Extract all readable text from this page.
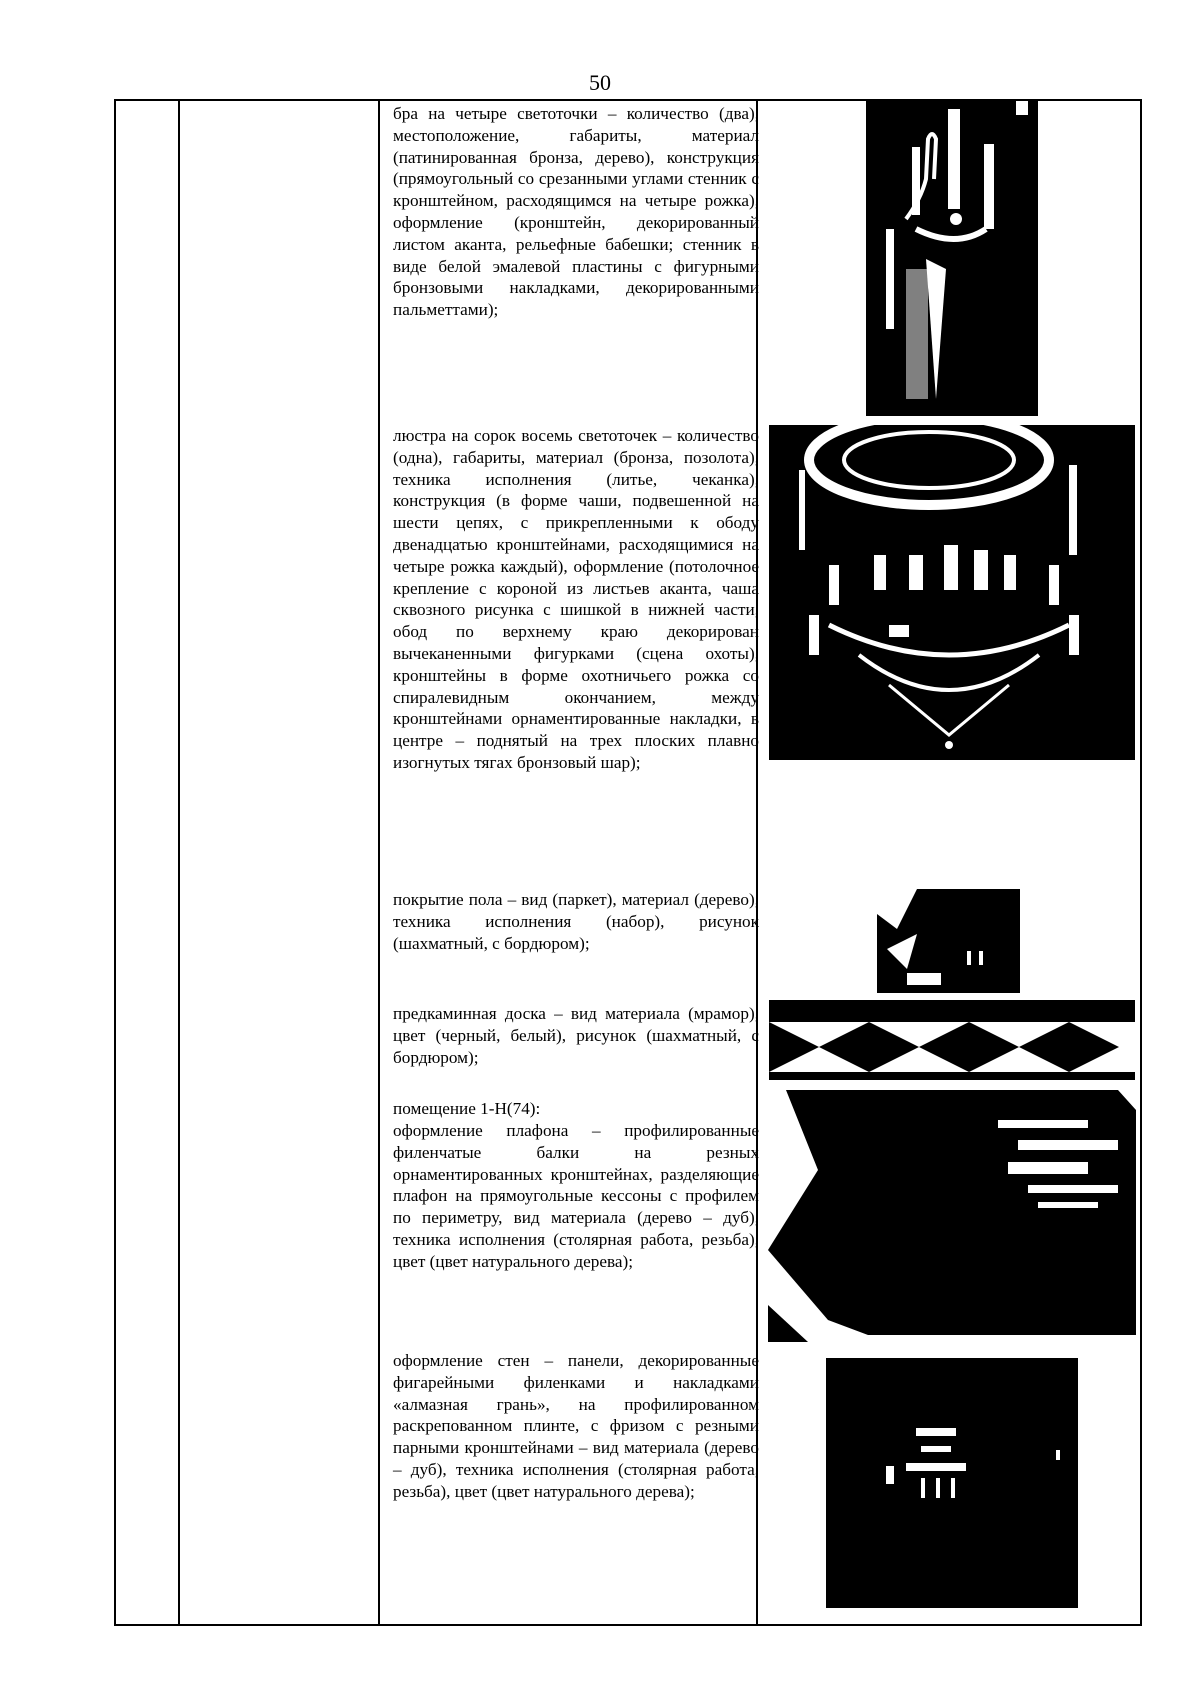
50
бра на четыре светоточки – количество (два), местоположение, габариты, материал (патинированная бронза, дерево), конструкция (прямоугольный со срезанными углами стенник с кронштейном, расходящимся на четыре рожка), оформление (кронштейн, декорированный листом аканта, рельефные бабешки; стенник в виде белой эмалевой пластины с фигурными бронзовыми накладками, декорированными пальметтами);
люстра на сорок восемь светоточек – количество (одна), габариты, материал (бронза, позолота), техника исполнения (литье, чеканка), конструкция (в форме чаши, подвешенной на шести цепях, с прикрепленными к ободу двенадцатью кронштейнами, расходящимися на четыре рожка каждый), оформление (потолочное крепление с короной из листьев аканта, чаша сквозного рисунка с шишкой в нижней части, обод по верхнему краю декорирован вычеканенными фигурками (сцена охоты), кронштейны в форме охотничьего рожка со спиралевидным окончанием, между кронштейнами орнаментированные накладки, в центре – поднятый на трех плоских плавно изогнутых тягах бронзовый шар);
покрытие пола – вид (паркет), материал (дерево), техника исполнения (набор), рисунок (шахматный, с бордюром);
предкаминная доска – вид материала (мрамор), цвет (черный, белый), рисунок (шахматный, с бордюром);
помещение 1-Н(74):
оформление плафона – профилированные филенчатые балки на резных орнаментированных кронштейнах, разделяющие плафон на прямоугольные кессоны с профилем по периметру, вид материала (дерево – дуб), техника исполнения (столярная работа, резьба), цвет (цвет натурального дерева);
оформление стен – панели, декорированные фигарейными филенками и накладками «алмазная грань», на профилированном раскрепованном плинте, с фризом с резными парными кронштейнами – вид материала (дерево – дуб), техника исполнения (столярная работа, резьба), цвет (цвет натурального дерева);
